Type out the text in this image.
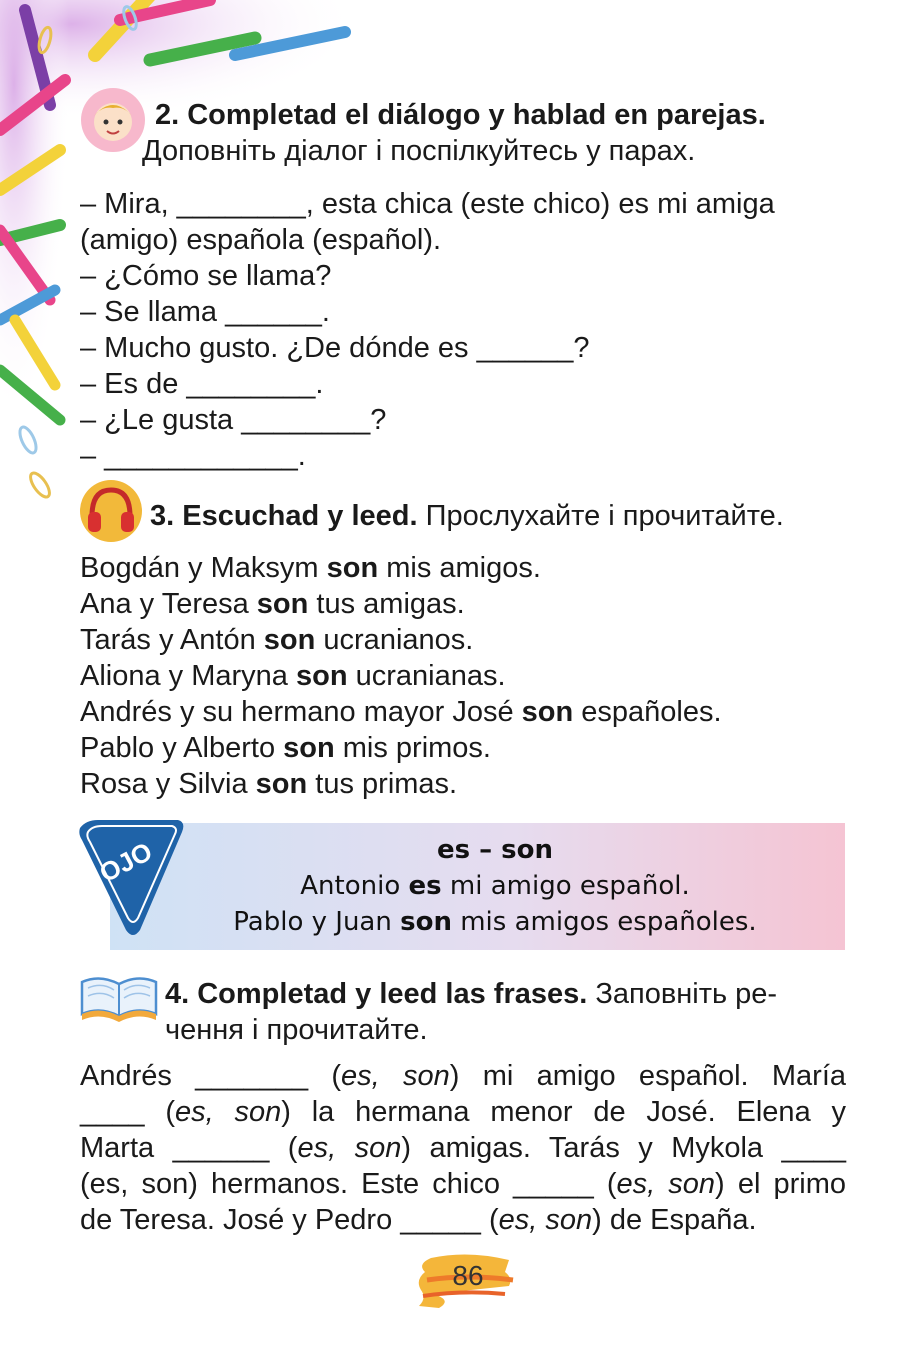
2. Completad el diálogo y hablad en parejas.
Доповніть діалог і поспілкуйтесь у парах.
– Mira, ________, esta chica (este chico) es mi amiga
(amigo) española (español).
– ¿Cómo se llama?
– Se llama ______.
– Mucho gusto. ¿De dónde es ______?
– Es de ________.
– ¿Le gusta ________?
– ____________.
3. Escuchad y leed. Прослухайте і прочитайте.
Bogdán y Maksym son mis amigos.
Ana y Teresa son tus amigas.
Tarás y Antón son ucranianos.
Aliona y Maryna son ucranianas.
Andrés y su hermano mayor José son españoles.
Pablo y Alberto son mis primos.
Rosa y Silvia son tus primas.
OJO	es – son
Antonio es mi amigo español.
Pablo y Juan son mis amigos españoles.
4. Completad y leed las frases. Заповніть ре-
чення і прочитайте.
Andrés _______ (es, son) mi amigo español. María
____ (es, son) la hermana menor de José. Elena y
Marta ______ (es, son) amigas. Tarás y Mykola ____
(es, son) hermanos. Este chico _____ (es, son) el primo
de Teresa. José y Pedro _____ (es, son) de España.
86
